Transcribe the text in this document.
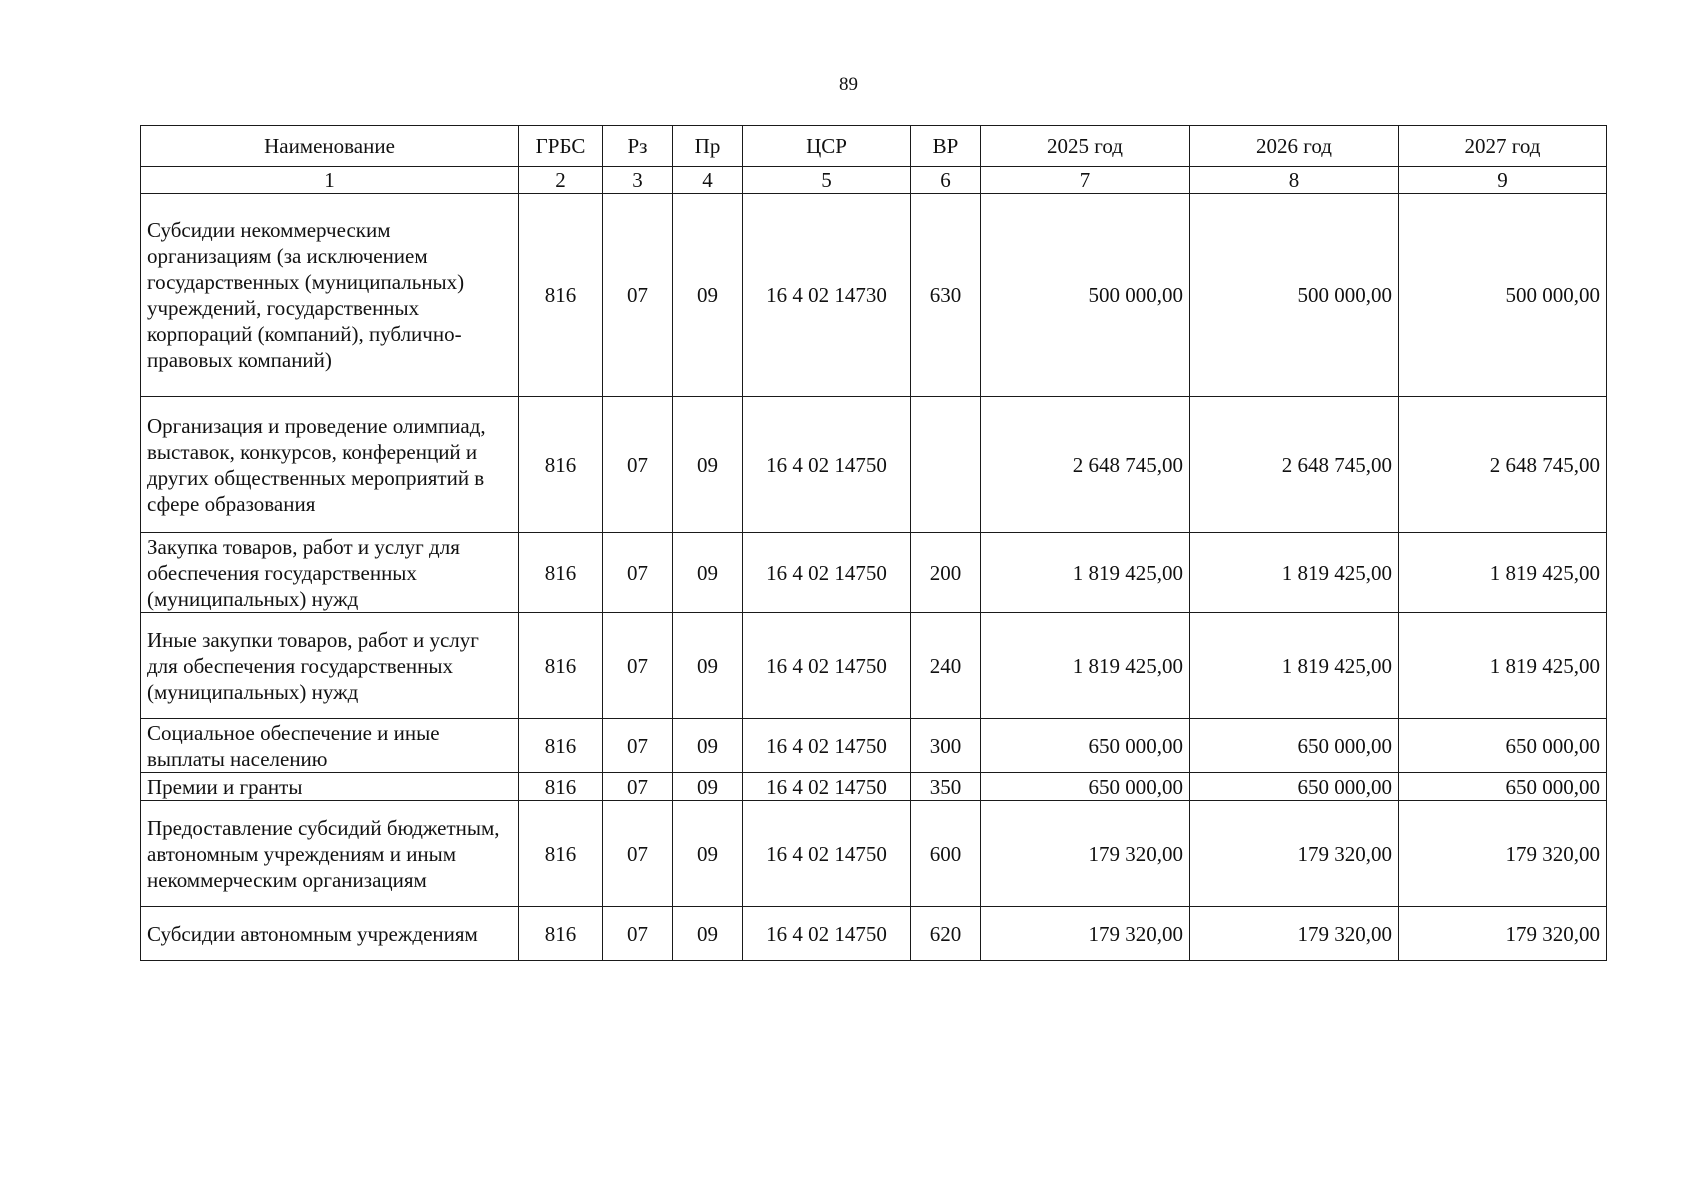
89
Наименование	ГРБС	Рз	Пр	ЦСР	ВР	2025 год	2026 год	2027 год
1	2	3	4	5	6	7	8	9
Субсидии некоммерческим организациям (за исключением государственных (муниципальных) учреждений, государственных корпораций (компаний), публично-правовых компаний)	816	07	09	16 4 02 14730	630	500 000,00	500 000,00	500 000,00
Организация и проведение олимпиад, выставок, конкурсов, конференций и других общественных мероприятий в сфере образования	816	07	09	16 4 02 14750		2 648 745,00	2 648 745,00	2 648 745,00
Закупка товаров, работ и услуг для обеспечения государственных (муниципальных) нужд	816	07	09	16 4 02 14750	200	1 819 425,00	1 819 425,00	1 819 425,00
Иные закупки товаров, работ и услуг для обеспечения государственных (муниципальных) нужд	816	07	09	16 4 02 14750	240	1 819 425,00	1 819 425,00	1 819 425,00
Социальное обеспечение и иные выплаты населению	816	07	09	16 4 02 14750	300	650 000,00	650 000,00	650 000,00
Премии и гранты	816	07	09	16 4 02 14750	350	650 000,00	650 000,00	650 000,00
Предоставление субсидий бюджетным, автономным учреждениям и иным некоммерческим организациям	816	07	09	16 4 02 14750	600	179 320,00	179 320,00	179 320,00
Субсидии автономным учреждениям	816	07	09	16 4 02 14750	620	179 320,00	179 320,00	179 320,00
